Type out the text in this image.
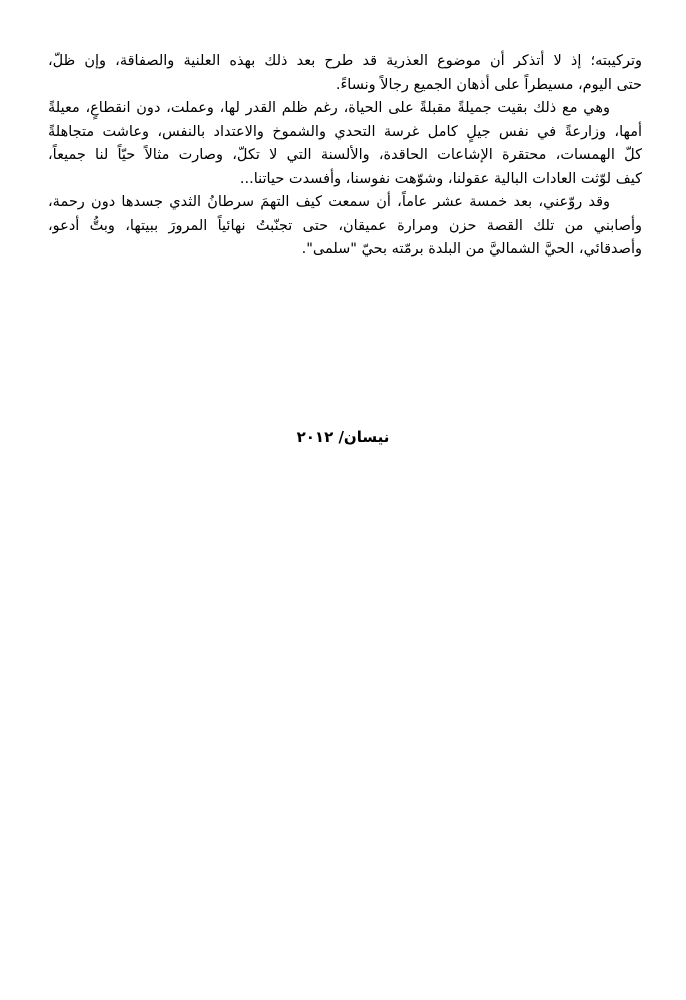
وتركيبته؛ إذ لا أتذكر أن موضوع العذرية قد طرح بعد ذلك بهذه العلنية والصفاقة، وإن ظلّ،
حتى اليوم، مسيطراً على أذهان الجميع رجالاً ونساءً.
وهي مع ذلك بقيت جميلةً مقبلةً على الحياة، رغم ظلم القدر لها، وعملت، دون انقطاعٍ، معيلةً
أمها، وزارعةً في نفس جيلٍ كامل غرسة التحدي والشموخ والاعتداد بالنفس، وعاشت متجاهلةً
كلّ الهمسات، محتقرة الإشاعات الحاقدة، والألسنة التي لا تكلّ، وصارت مثالاً حيّاً لنا جميعاً،
كيف لوّثت العادات البالية عقولنا، وشوّهت نفوسنا، وأفسدت حياتنا...
وقد روّعني، بعد خمسة عشر عاماً، أن سمعت كيف التهمَ سرطانُ الثدي جسدها دون رحمة،
وأصابني من تلك القصة حزن ومرارة عميقان، حتى تجنّبتُ نهائياً المرورَ ببيتها، وبتُّ أدعو،
وأصدقائي، الحيَّ الشماليَّ من البلدة برمّته بحيّ "سلمى".
نيسان/ ٢٠١٢
